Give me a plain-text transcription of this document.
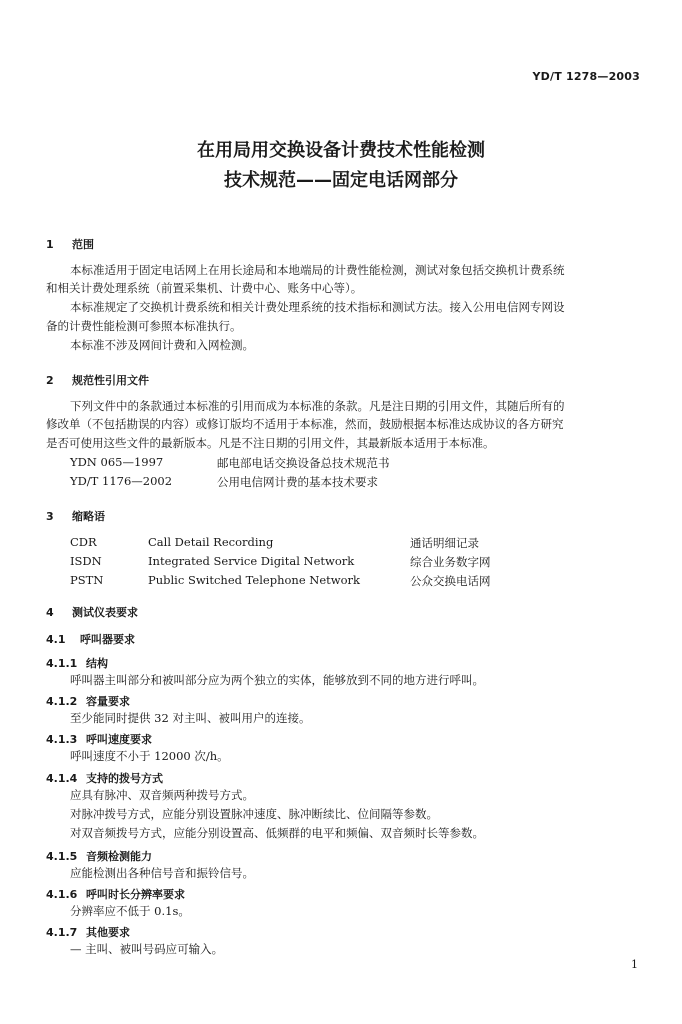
YD/T 1278—2003
在用局用交换设备计费技术性能检测
技术规范——固定电话网部分
1 范围
本标准适用于固定电话网上在用长途局和本地端局的计费性能检测，测试对象包括交换机计费系统
和相关计费处理系统（前置采集机、计费中心、账务中心等）。
本标准规定了交换机计费系统和相关计费处理系统的技术指标和测试方法。接入公用电信网专网设
备的计费性能检测可参照本标准执行。
本标准不涉及网间计费和入网检测。
2 规范性引用文件
下列文件中的条款通过本标准的引用而成为本标准的条款。凡是注日期的引用文件，其随后所有的
修改单（不包括勘误的内容）或修订版均不适用于本标准，然而，鼓励根据本标准达成协议的各方研究
是否可使用这些文件的最新版本。凡是不注日期的引用文件，其最新版本适用于本标准。
YDN 065—1997	邮电部电话交换设备总技术规范书
YD/T 1176—2002	公用电信网计费的基本技术要求
3 缩略语
CDR	Call Detail Recording	通话明细记录
ISDN	Integrated Service Digital Network	综合业务数字网
PSTN	Public Switched Telephone Network	公众交换电话网
4 测试仪表要求
4.1 呼叫器要求
4.1.1 结构
呼叫器主叫部分和被叫部分应为两个独立的实体，能够放到不同的地方进行呼叫。
4.1.2 容量要求
至少能同时提供 32 对主叫、被叫用户的连接。
4.1.3 呼叫速度要求
呼叫速度不小于 12000 次/h。
4.1.4 支持的拨号方式
应具有脉冲、双音频两种拨号方式。
对脉冲拨号方式，应能分别设置脉冲速度、脉冲断续比、位间隔等参数。
对双音频拨号方式，应能分别设置高、低频群的电平和频偏、双音频时长等参数。
4.1.5 音频检测能力
应能检测出各种信号音和振铃信号。
4.1.6 呼叫时长分辨率要求
分辨率应不低于 0.1s。
4.1.7 其他要求
— 主叫、被叫号码应可输入。
1
